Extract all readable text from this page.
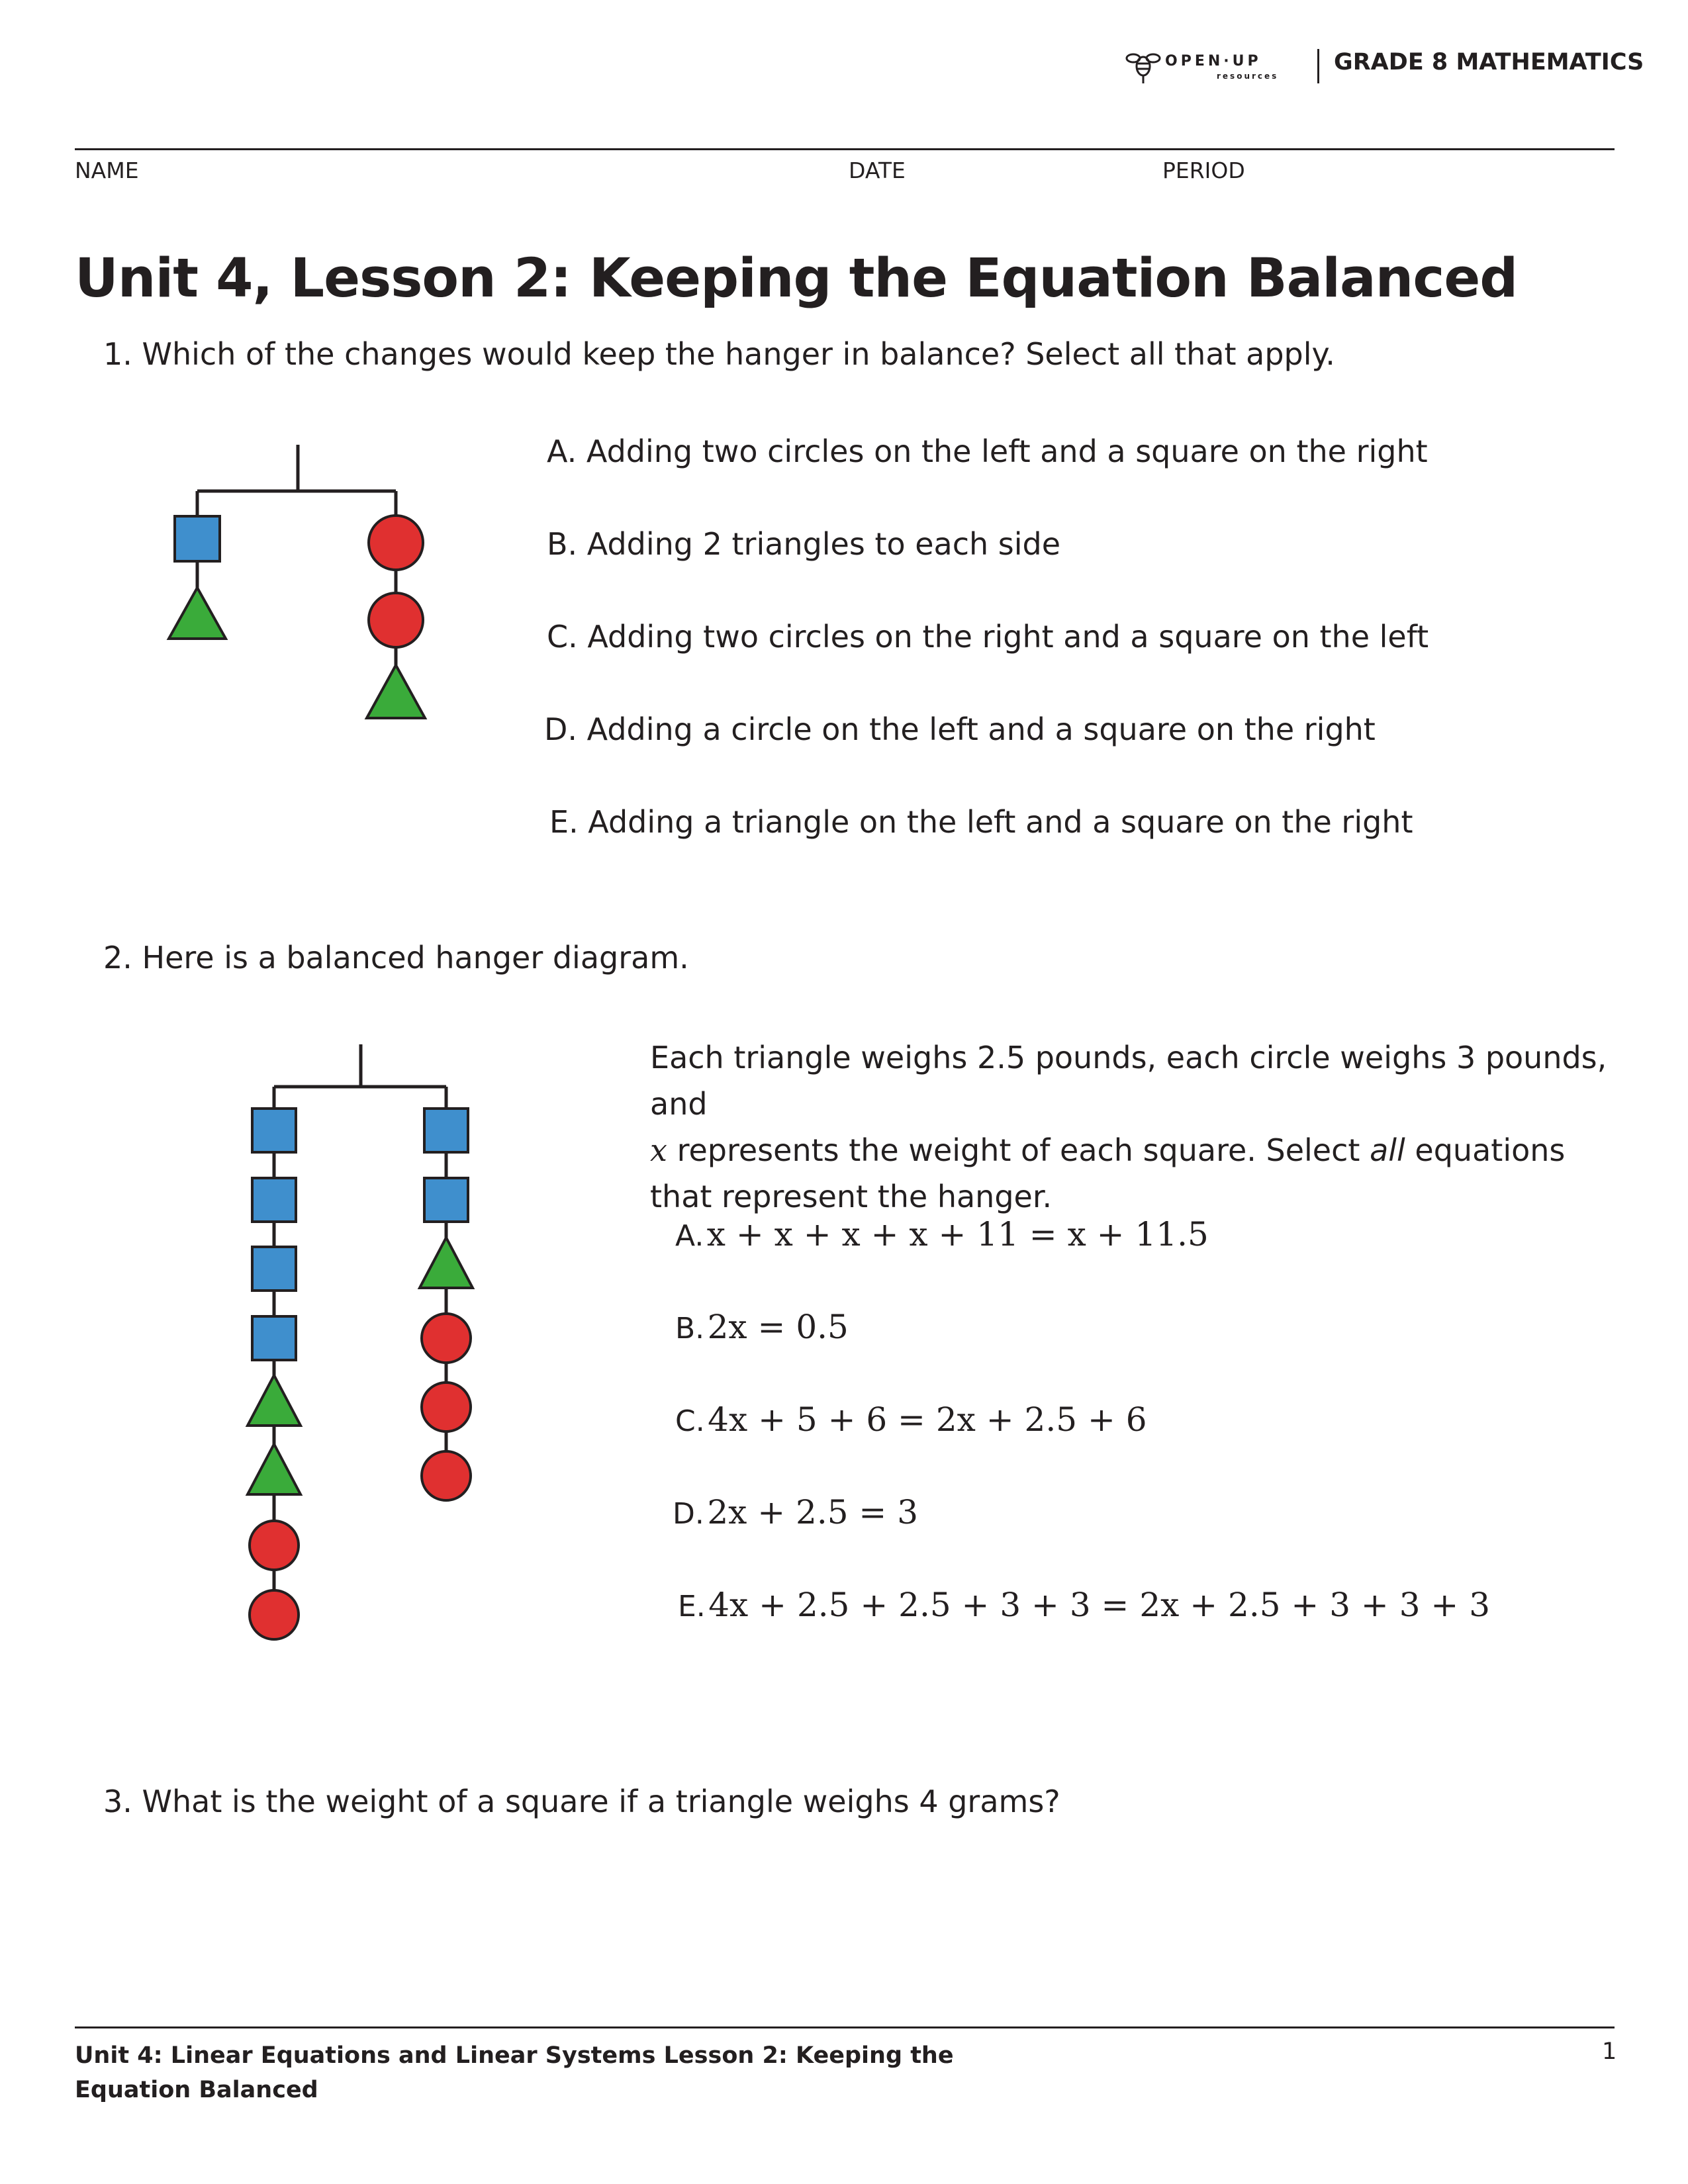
OPEN·UP
resources
GRADE 8 MATHEMATICS
NAME	DATE	PERIOD
Unit 4, Lesson 2: Keeping the Equation Balanced
1. Which of the changes would keep the hanger in balance? Select all that apply.
A. Adding two circles on the left and a square on the right
B. Adding 2 triangles to each side
C. Adding two circles on the right and a square on the left
D. Adding a circle on the left and a square on the right
E. Adding a triangle on the left and a square on the right
2. Here is a balanced hanger diagram.
Each triangle weighs 2.5 pounds, each circle weighs 3 pounds, and
x represents the weight of each square. Select all equations that represent the hanger.
A. x + x + x + x + 11 = x + 11.5
B. 2x = 0.5
C. 4x + 5 + 6 = 2x + 2.5 + 6
D. 2x + 2.5 = 3
E. 4x + 2.5 + 2.5 + 3 + 3 = 2x + 2.5 + 3 + 3 + 3
3. What is the weight of a square if a triangle weighs 4 grams?
Unit 4: Linear Equations and Linear Systems Lesson 2: Keeping the Equation Balanced
1
